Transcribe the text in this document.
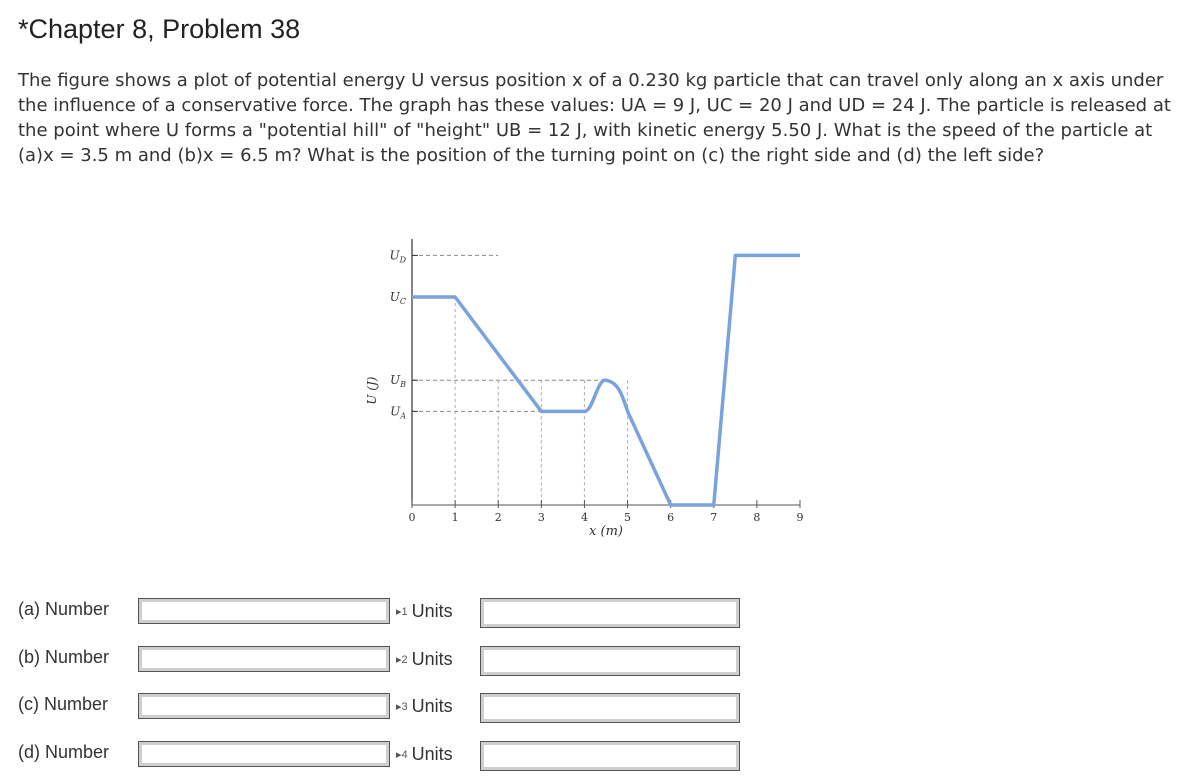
*Chapter 8, Problem 38
The figure shows a plot of potential energy U versus position x of a 0.230 kg particle that can travel only along an x axis under the influence of a conservative force. The graph has these values: UA = 9 J, UC = 20 J and UD = 24 J. The particle is released at the point where U forms a "potential hill" of "height" UB = 12 J, with kinetic energy 5.50 J. What is the speed of the particle at (a)x = 3.5 m and (b)x = 6.5 m? What is the position of the turning point on (c) the right side and (d) the left side?
0	1	2	3	4	5	6	7	8	9
x (m)
U (J)
$U_D$
$U_C$
$U_B$
$U_A$
(a) Number	▸1 Units
(b) Number	▸2 Units
(c) Number	▸3 Units
(d) Number	▸4 Units
